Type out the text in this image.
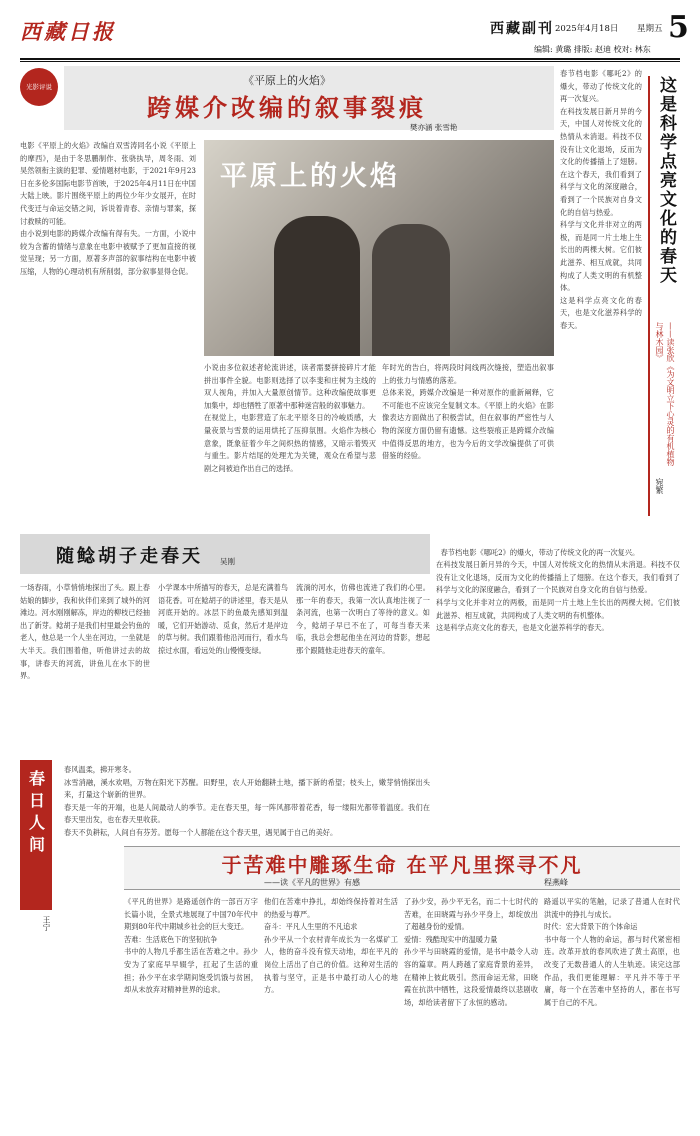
西藏日报	西藏副刊 2025年4月18日 星期五 5
编辑: 黄璐 排版: 赵迪 校对: 林东
光影评说	《平原上的火焰》
跨媒介改编的叙事裂痕
樊亦涵 张雪艳
电影《平原上的火焰》改编自双雪涛同名小说《平原上的摩西》，是由于冬思鹏制作、张骁执导，周冬雨、刘昊然领衔主演的犯罪、爱情题材电影，于2021年9月23日在多伦多国际电影节首映，于2025年4月11日在中国大陆上映。影片围绕平原上的两位少年少女展开，在时代变迁与命运交错之间，诉说着青春、亲情与罪案，探讨救赎的可能。
由小说到电影的跨媒介改编有得有失。一方面，小说中较为含蓄的情绪与意象在电影中被赋予了更加直接的视觉呈现；另一方面，原著多声部的叙事结构在电影中被压缩，人物的心理动机有所削弱，部分叙事显得仓促。
平原上的火焰
小说由多位叙述者轮流讲述，读者需要拼接碎片才能拼出事件全貌。电影则选择了以李斐和庄树为主线的双人视角，并加入大量原创情节。这种改编使故事更加集中，却也牺牲了原著中那种迷宫般的叙事魅力。
在视觉上，电影营造了东北平原冬日的冷峻质感，大量夜景与雪景的运用烘托了压抑氛围。火焰作为核心意象，既象征着少年之间炽热的情感，又暗示着毁灭与重生。影片结尾的处理尤为关键，观众在希望与悲剧之间被迫作出自己的选择。
年时光的告白，将两段时间线两次缝接，塑造出叙事上的张力与情感的落差。
总体来说，跨媒介改编是一种对原作的重新阐释，它不可能也不应该完全复制文本。《平原上的火焰》在影像表达方面做出了积极尝试，但在叙事的严密性与人物的深度方面仍留有遗憾。这些裂痕正是跨媒介改编中值得反思的地方，也为今后的文学改编提供了可供借鉴的经验。
春节档电影《哪吒2》的爆火，带动了传统文化的再一次复兴。
在科技发展日新月异的今天，中国人对传统文化的热情从未消退。科技不仅没有让文化退场，反而为文化的传播插上了翅膀。在这个春天，我们看到了科学与文化的深度融合，看到了一个民族对自身文化的自信与热爱。
科学与文化并非对立的两极，而是同一片土地上生长出的两棵大树。它们彼此滋养、相互成就，共同构成了人类文明的有机整体。
这是科学点亮文化的春天，也是文化滋养科学的春天。
这是科学点亮文化的春天
——读张欣《为文明立下心灵的有机植物与林木园》
宛繁
随鲶胡子走春天 吴刚
一场春雨，小草悄悄地探出了头。跟上春姑娘的脚步，我和伙伴们来到了城外的河滩边。河水刚刚解冻，岸边的柳枝已经抽出了新芽。鲶胡子是我们村里最会钓鱼的老人，他总是一个人坐在河边，一坐就是大半天。我们围着他，听他讲过去的故事，讲春天的河流，讲鱼儿在水下的世界。
小学课本中所描写的春天，总是充满着鸟语花香。可在鲶胡子的讲述里，春天是从河底开始的。冰层下的鱼最先感知到温暖，它们开始游动、觅食，然后才是岸边的草与树。我们跟着他沿河而行，看水鸟掠过水面，看远处的山慢慢变绿。
流淌的河水，仿佛也流进了我们的心里。那一年的春天，我第一次认真地注视了一条河流，也第一次明白了等待的意义。如今，鲶胡子早已不在了，可每当春天来临，我总会想起他坐在河边的背影，想起那个跟随他走进春天的童年。

春节档电影《哪吒2》的爆火，带动了传统文化的再一次复兴。
在科技发展日新月异的今天，中国人对传统文化的热情从未消退。科技不仅没有让文化退场，反而为文化的传播插上了翅膀。在这个春天，我们看到了科学与文化的深度融合，看到了一个民族对自身文化的自信与热爱。
科学与文化并非对立的两极，而是同一片土地上生长出的两棵大树。它们彼此滋养、相互成就，共同构成了人类文明的有机整体。
这是科学点亮文化的春天，也是文化滋养科学的春天。

春日人间
王宁
春风温柔，拂开寒冬。
冰雪消融，溪水欢唱，万物在阳光下苏醒。田野里，农人开始翻耕土地，播下新的希望；枝头上，嫩芽悄悄探出头来，打量这个崭新的世界。
春天是一年的开端，也是人间最动人的季节。走在春天里，每一阵风都带着花香，每一缕阳光都带着温度。我们在春天里出发，也在春天里收获。
春天不负耕耘，人间自有芬芳。愿每一个人都能在这个春天里，遇见属于自己的美好。
于苦难中雕琢生命 在平凡里探寻不凡
——读《平凡的世界》有感	程燕峰
《平凡的世界》是路遥创作的一部百万字长篇小说，全景式地展现了中国70年代中期到80年代中期城乡社会的巨大变迁。
苦难：生活底色下的坚韧抗争
书中的人物几乎都生活在苦难之中。孙少安为了家庭早早辍学，扛起了生活的重担；孙少平在求学期间饱受饥饿与贫困，却从未放弃对精神世界的追求。
他们在苦难中挣扎，却始终保持着对生活的热爱与尊严。
奋斗：平凡人生里的不凡追求
孙少平从一个农村青年成长为一名煤矿工人，他的奋斗没有惊天动地，却在平凡的岗位上活出了自己的价值。这种对生活的执着与坚守，正是书中最打动人心的地方。
了孙少安，孙少平无名，而二十七时代的苦难，在田晓霞与孙少平身上，却绽放出了超越身份的爱情。
爱情：残酷现实中的温暖力量
孙少平与田晓霞的爱情，是书中最令人动容的篇章。两人跨越了家庭背景的差异，在精神上彼此吸引。然而命运无常，田晓霞在抗洪中牺牲，这段爱情最终以悲剧收场，却给读者留下了永恒的感动。
路遥以平实的笔触，记录了普通人在时代洪流中的挣扎与成长。
时代：宏大背景下的个体命运
书中每一个人物的命运，都与时代紧密相连。改革开放的春风吹进了黄土高原，也改变了无数普通人的人生轨迹。读完这部作品，我们更能理解：平凡并不等于平庸，每一个在苦难中坚持的人，都在书写属于自己的不凡。
